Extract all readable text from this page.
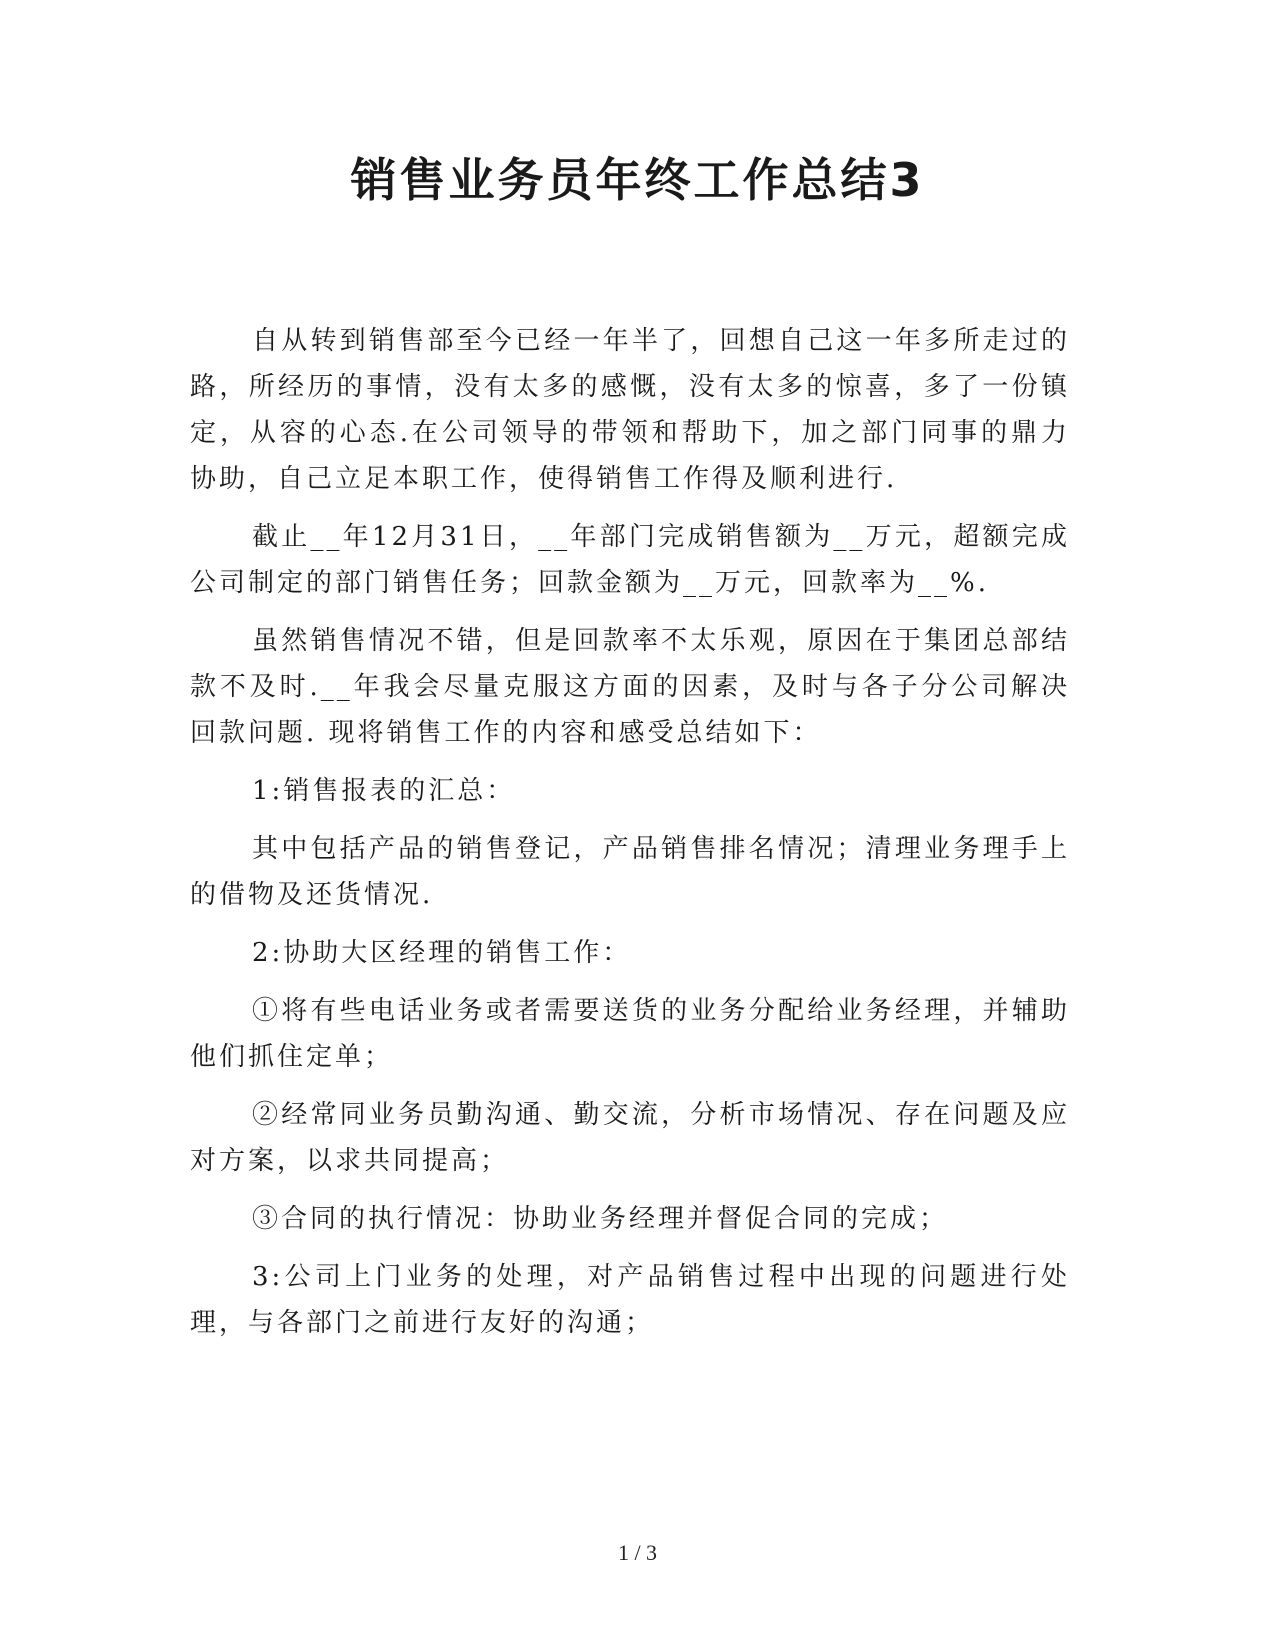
销售业务员年终工作总结3

自从转到销售部至今已经一年半了，回想自己这一年多所走过的路，所经历的事情，没有太多的感慨，没有太多的惊喜，多了一份镇定，从容的心态.在公司领导的带领和帮助下，加之部门同事的鼎力协助，自己立足本职工作，使得销售工作得及顺利进行.

截止__年12月31日，__年部门完成销售额为__万元，超额完成公司制定的部门销售任务；回款金额为__万元，回款率为__%.

虽然销售情况不错，但是回款率不太乐观，原因在于集团总部结款不及时.__年我会尽量克服这方面的因素，及时与各子分公司解决回款问题. 现将销售工作的内容和感受总结如下：

1:销售报表的汇总：

其中包括产品的销售登记，产品销售排名情况；清理业务理手上的借物及还货情况.

2:协助大区经理的销售工作：

①将有些电话业务或者需要送货的业务分配给业务经理，并辅助他们抓住定单；

②经常同业务员勤沟通、勤交流，分析市场情况、存在问题及应对方案，以求共同提高；

③合同的执行情况：协助业务经理并督促合同的完成；

3:公司上门业务的处理，对产品销售过程中出现的问题进行处理，与各部门之前进行友好的沟通；

1 / 3
